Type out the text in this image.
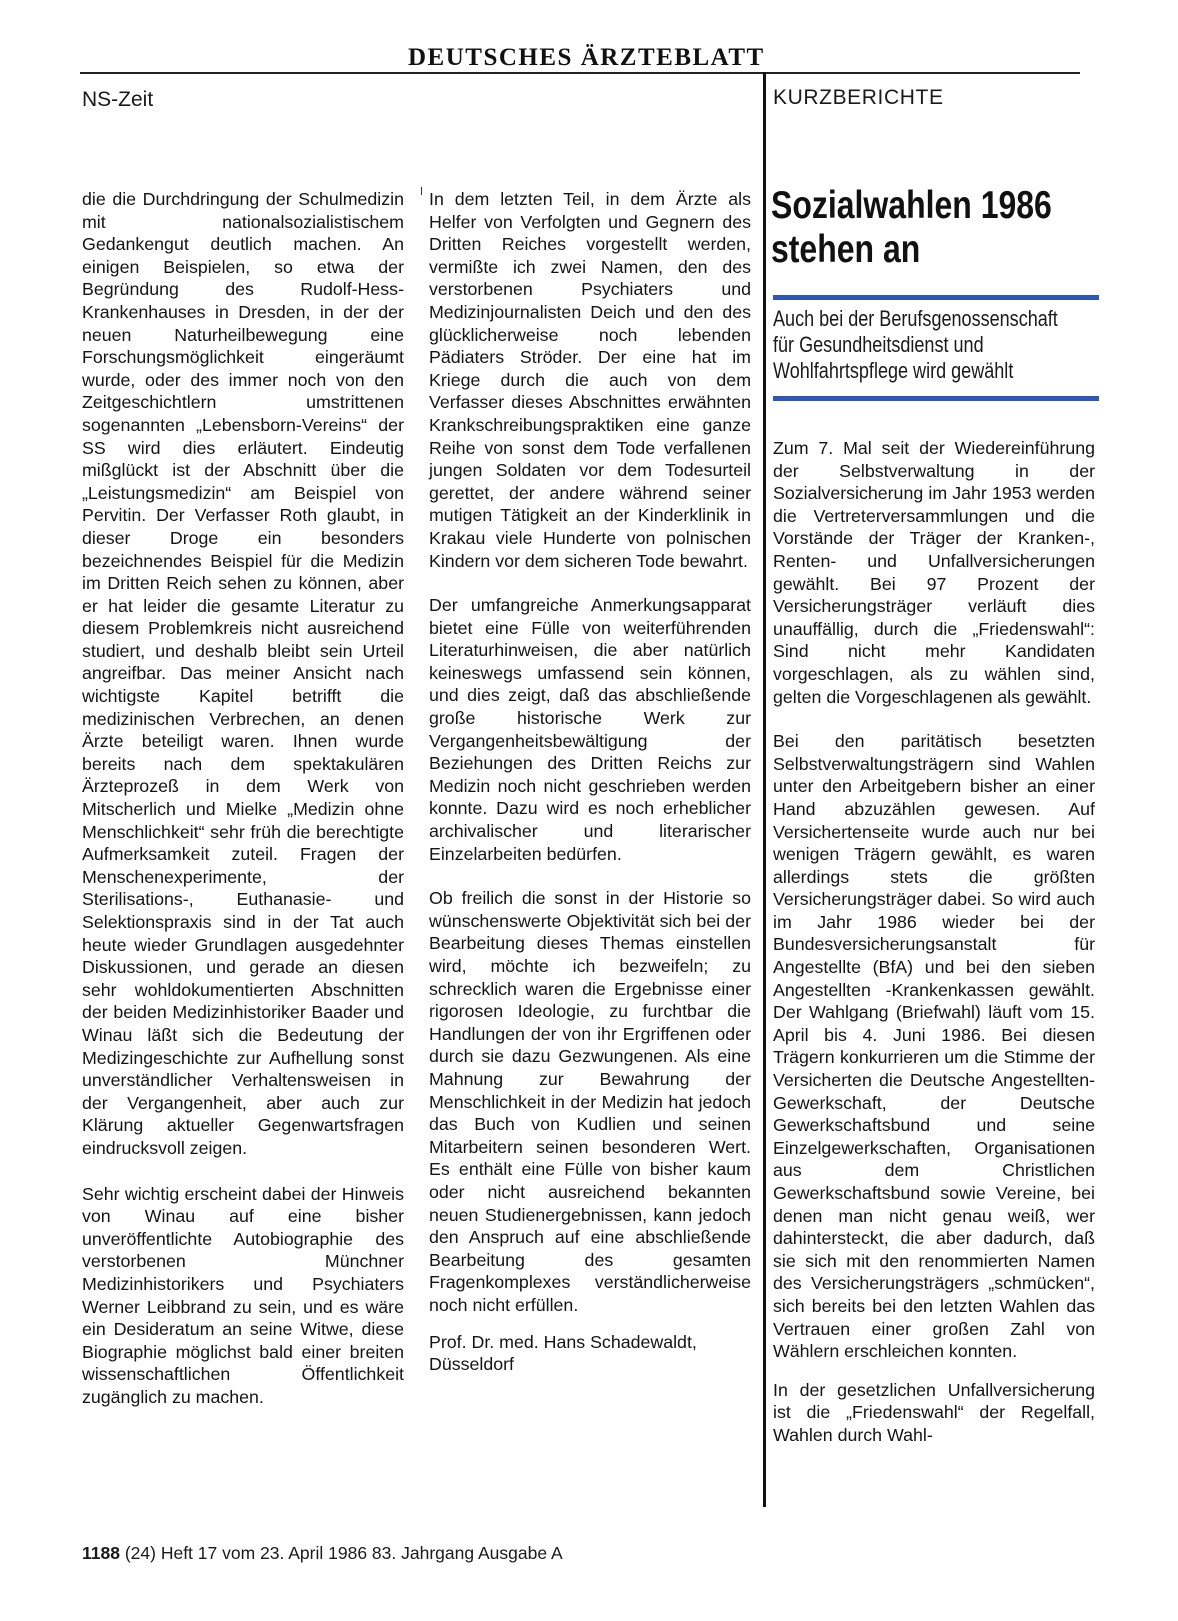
DEUTSCHES ÄRZTEBLATT
NS-Zeit	KURZBERICHTE

die die Durchdringung der Schulmedizin mit nationalsozialistischem Gedankengut deutlich machen. An einigen Beispielen, so etwa der Begründung des Rudolf-Hess-Krankenhauses in Dresden, in der der neuen Naturheilbewegung eine Forschungsmöglichkeit eingeräumt wurde, oder des immer noch von den Zeitgeschichtlern umstrittenen sogenannten „Lebensborn-Vereins“ der SS wird dies erläutert. Eindeutig mißglückt ist der Abschnitt über die „Leistungsmedizin“ am Beispiel von Pervitin. Der Verfasser Roth glaubt, in dieser Droge ein besonders bezeichnendes Beispiel für die Medizin im Dritten Reich sehen zu können, aber er hat leider die gesamte Literatur zu diesem Problemkreis nicht ausreichend studiert, und deshalb bleibt sein Urteil angreifbar. Das meiner Ansicht nach wichtigste Kapitel betrifft die medizinischen Verbrechen, an denen Ärzte beteiligt waren. Ihnen wurde bereits nach dem spektakulären Ärzteprozeß in dem Werk von Mitscherlich und Mielke „Medizin ohne Menschlichkeit“ sehr früh die berechtigte Aufmerksamkeit zuteil. Fragen der Menschenexperimente, der Sterilisations-, Euthanasie- und Selektionspraxis sind in der Tat auch heute wieder Grundlagen ausgedehnter Diskussionen, und gerade an diesen sehr wohldokumentierten Abschnitten der beiden Medizinhistoriker Baader und Winau läßt sich die Bedeutung der Medizingeschichte zur Aufhellung sonst unverständlicher Verhaltensweisen in der Vergangenheit, aber auch zur Klärung aktueller Gegenwartsfragen eindrucksvoll zeigen.

Sehr wichtig erscheint dabei der Hinweis von Winau auf eine bisher unveröffentlichte Autobiographie des verstorbenen Münchner Medizinhistorikers und Psychiaters Werner Leibbrand zu sein, und es wäre ein Desideratum an seine Witwe, diese Biographie möglichst bald einer breiten wissenschaftlichen Öffentlichkeit zugänglich zu machen.

In dem letzten Teil, in dem Ärzte als Helfer von Verfolgten und Gegnern des Dritten Reiches vorgestellt werden, vermißte ich zwei Namen, den des verstorbenen Psychiaters und Medizinjournalisten Deich und den des glücklicherweise noch lebenden Pädiaters Ströder. Der eine hat im Kriege durch die auch von dem Verfasser dieses Abschnittes erwähnten Krankschreibungspraktiken eine ganze Reihe von sonst dem Tode verfallenen jungen Soldaten vor dem Todesurteil gerettet, der andere während seiner mutigen Tätigkeit an der Kinderklinik in Krakau viele Hunderte von polnischen Kindern vor dem sicheren Tode bewahrt.

Der umfangreiche Anmerkungsapparat bietet eine Fülle von weiterführenden Literaturhinweisen, die aber natürlich keineswegs umfassend sein können, und dies zeigt, daß das abschließende große historische Werk zur Vergangenheitsbewältigung der Beziehungen des Dritten Reichs zur Medizin noch nicht geschrieben werden konnte. Dazu wird es noch erheblicher archivalischer und literarischer Einzelarbeiten bedürfen.

Ob freilich die sonst in der Historie so wünschenswerte Objektivität sich bei der Bearbeitung dieses Themas einstellen wird, möchte ich bezweifeln; zu schrecklich waren die Ergebnisse einer rigorosen Ideologie, zu furchtbar die Handlungen der von ihr Ergriffenen oder durch sie dazu Gezwungenen. Als eine Mahnung zur Bewahrung der Menschlichkeit in der Medizin hat jedoch das Buch von Kudlien und seinen Mitarbeitern seinen besonderen Wert. Es enthält eine Fülle von bisher kaum oder nicht ausreichend bekannten neuen Studienergebnissen, kann jedoch den Anspruch auf eine abschließende Bearbeitung des gesamten Fragenkomplexes verständlicherweise noch nicht erfüllen.

Prof. Dr. med. Hans Schadewaldt,
Düsseldorf

Sozialwahlen 1986
stehen an
Auch bei der Berufsgenossenschaft
für Gesundheitsdienst und
Wohlfahrtspflege wird gewählt

Zum 7. Mal seit der Wiedereinführung der Selbstverwaltung in der Sozialversicherung im Jahr 1953 werden die Vertreterversammlungen und die Vorstände der Träger der Kranken-, Renten- und Unfallversicherungen gewählt. Bei 97 Prozent der Versicherungsträger verläuft dies unauffällig, durch die „Friedenswahl“: Sind nicht mehr Kandidaten vorgeschlagen, als zu wählen sind, gelten die Vorgeschlagenen als gewählt.

Bei den paritätisch besetzten Selbstverwaltungsträgern sind Wahlen unter den Arbeitgebern bisher an einer Hand abzuzählen gewesen. Auf Versichertenseite wurde auch nur bei wenigen Trägern gewählt, es waren allerdings stets die größten Versicherungsträger dabei. So wird auch im Jahr 1986 wieder bei der Bundesversicherungsanstalt für Angestellte (BfA) und bei den sieben Angestellten -Krankenkassen gewählt. Der Wahlgang (Briefwahl) läuft vom 15. April bis 4. Juni 1986. Bei diesen Trägern konkurrieren um die Stimme der Versicherten die Deutsche Angestellten-Gewerkschaft, der Deutsche Gewerkschaftsbund und seine Einzelgewerkschaften, Organisationen aus dem Christlichen Gewerkschaftsbund sowie Vereine, bei denen man nicht genau weiß, wer dahintersteckt, die aber dadurch, daß sie sich mit den renommierten Namen des Versicherungsträgers „schmücken“, sich bereits bei den letzten Wahlen das Vertrauen einer großen Zahl von Wählern erschleichen konnten.

In der gesetzlichen Unfallversicherung ist die „Friedenswahl“ der Regelfall, Wahlen durch Wahl-

1188 (24) Heft 17 vom 23. April 1986 83. Jahrgang Ausgabe A
